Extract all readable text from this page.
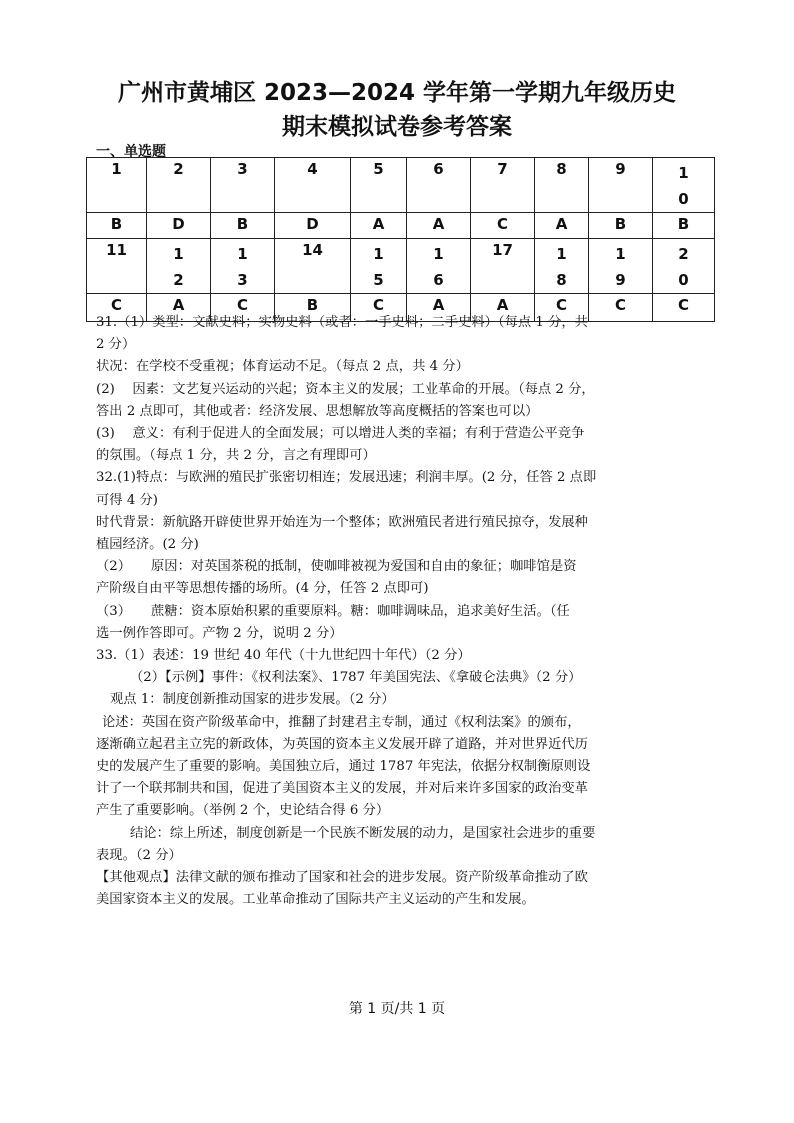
广州市黄埔区 2023—2024 学年第一学期九年级历史
期末模拟试卷参考答案
一、单选题
1	2	3	4	5	6	7	8	9	10

B	D	B	D	A	A	C	A	B	B
11	12	13	14	15	16	17	18	19	20

C	A	C	B	C	A	A	C	C	C

31.（1）类型：文献史料；实物史料（或者：一手史料；二手史料）（每点 1 分，共

2 分）

状况：在学校不受重视；体育运动不足。（每点 2 点，共 4 分）

(2)　 因素：文艺复兴运动的兴起；资本主义的发展；工业革命的开展。（每点 2 分，

答出 2 点即可，其他或者：经济发展、思想解放等高度概括的答案也可以）

(3)　 意义：有利于促进人的全面发展；可以增进人类的幸福；有利于营造公平竞争

的氛围。（每点 1 分，共 2 分，言之有理即可）

32.(1)特点：与欧洲的殖民扩张密切相连；发展迅速；利润丰厚。(2 分，任答 2 点即

可得 4 分)

时代背景：新航路开辟使世界开始连为一个整体；欧洲殖民者进行殖民掠夺，发展种

植园经济。(2 分)

（2）　　原因：对英国茶税的抵制，使咖啡被视为爱国和自由的象征；咖啡馆是资

产阶级自由平等思想传播的场所。(4 分，任答 2 点即可)

（3）　　蔗糖：资本原始积累的重要原料。糖：咖啡调味品，追求美好生活。（任

选一例作答即可。产物 2 分，说明 2 分）

33.（1）表述：19 世纪 40 年代（十九世纪四十年代）（2 分）

（2）【示例】事件：《权利法案》、1787 年美国宪法、《拿破仑法典》（2 分）

观点 1：制度创新推动国家的进步发展。（2 分）

论述：英国在资产阶级革命中，推翻了封建君主专制，通过《权利法案》的颁布，

逐渐确立起君主立宪的新政体，为英国的资本主义发展开辟了道路，并对世界近代历

史的发展产生了重要的影响。美国独立后，通过 1787 年宪法，依据分权制衡原则设

计了一个联邦制共和国，促进了美国资本主义的发展，并对后来许多国家的政治变革

产生了重要影响。（举例 2 个，史论结合得 6 分）

结论：综上所述，制度创新是一个民族不断发展的动力，是国家社会进步的重要

表现。（2 分）

【其他观点】法律文献的颁布推动了国家和社会的进步发展。资产阶级革命推动了欧

美国家资本主义的发展。工业革命推动了国际共产主义运动的产生和发展。

第 1 页/共 1 页
